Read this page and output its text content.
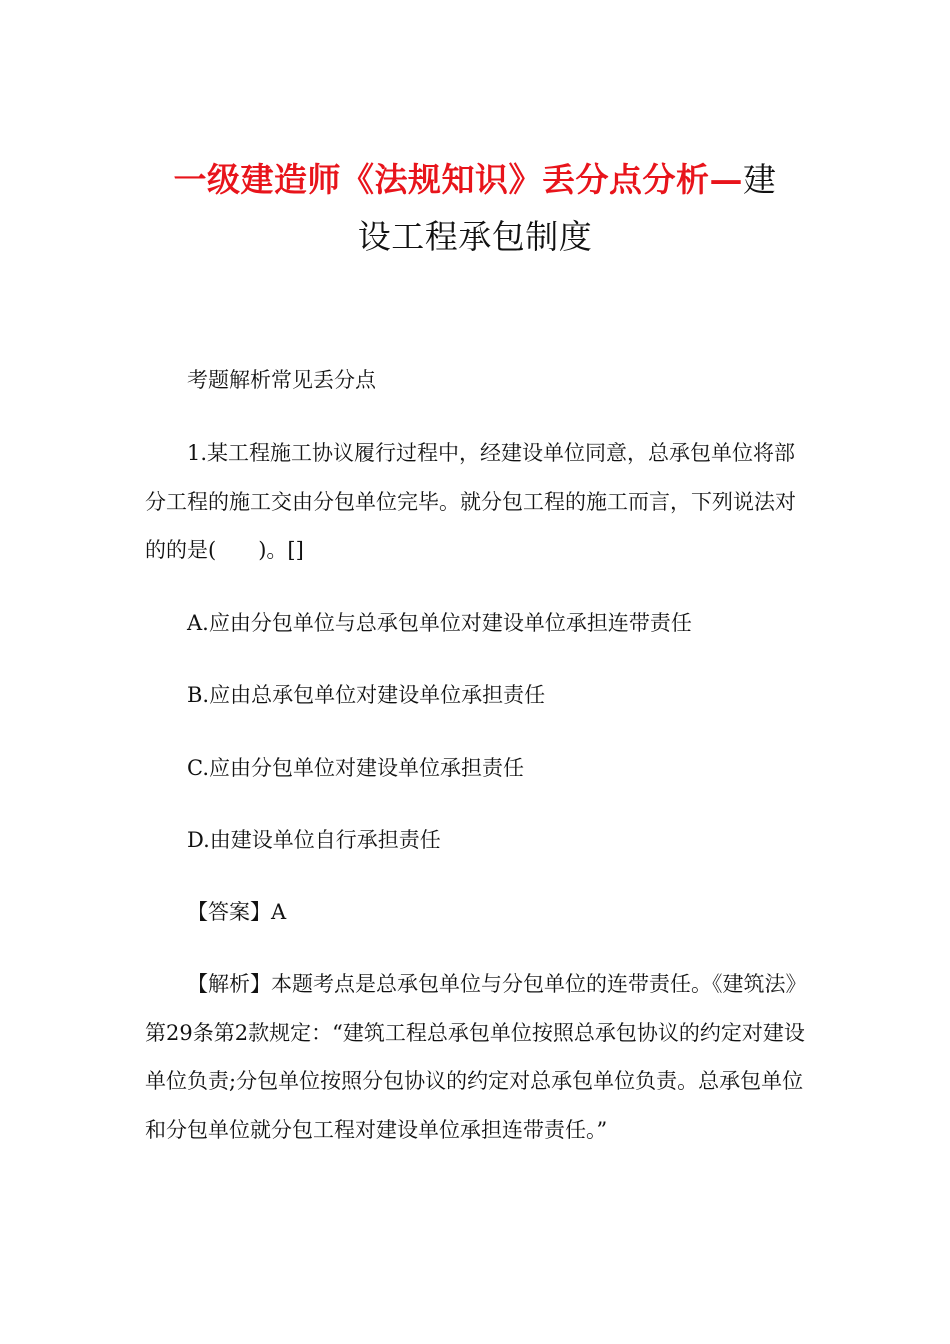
一级建造师《法规知识》丢分点分析—建
设工程承包制度

考题解析常见丢分点

1.某工程施工协议履行过程中，经建设单位同意，总承包单位将部分工程的施工交由分包单位完毕。就分包工程的施工而言，下列说法对的的是(　　)。[]

A.应由分包单位与总承包单位对建设单位承担连带责任

B.应由总承包单位对建设单位承担责任

C.应由分包单位对建设单位承担责任

D.由建设单位自行承担责任

【答案】A

【解析】本题考点是总承包单位与分包单位的连带责任。《建筑法》第29条第2款规定：“建筑工程总承包单位按照总承包协议的约定对建设单位负责;分包单位按照分包协议的约定对总承包单位负责。总承包单位和分包单位就分包工程对建设单位承担连带责任。”
